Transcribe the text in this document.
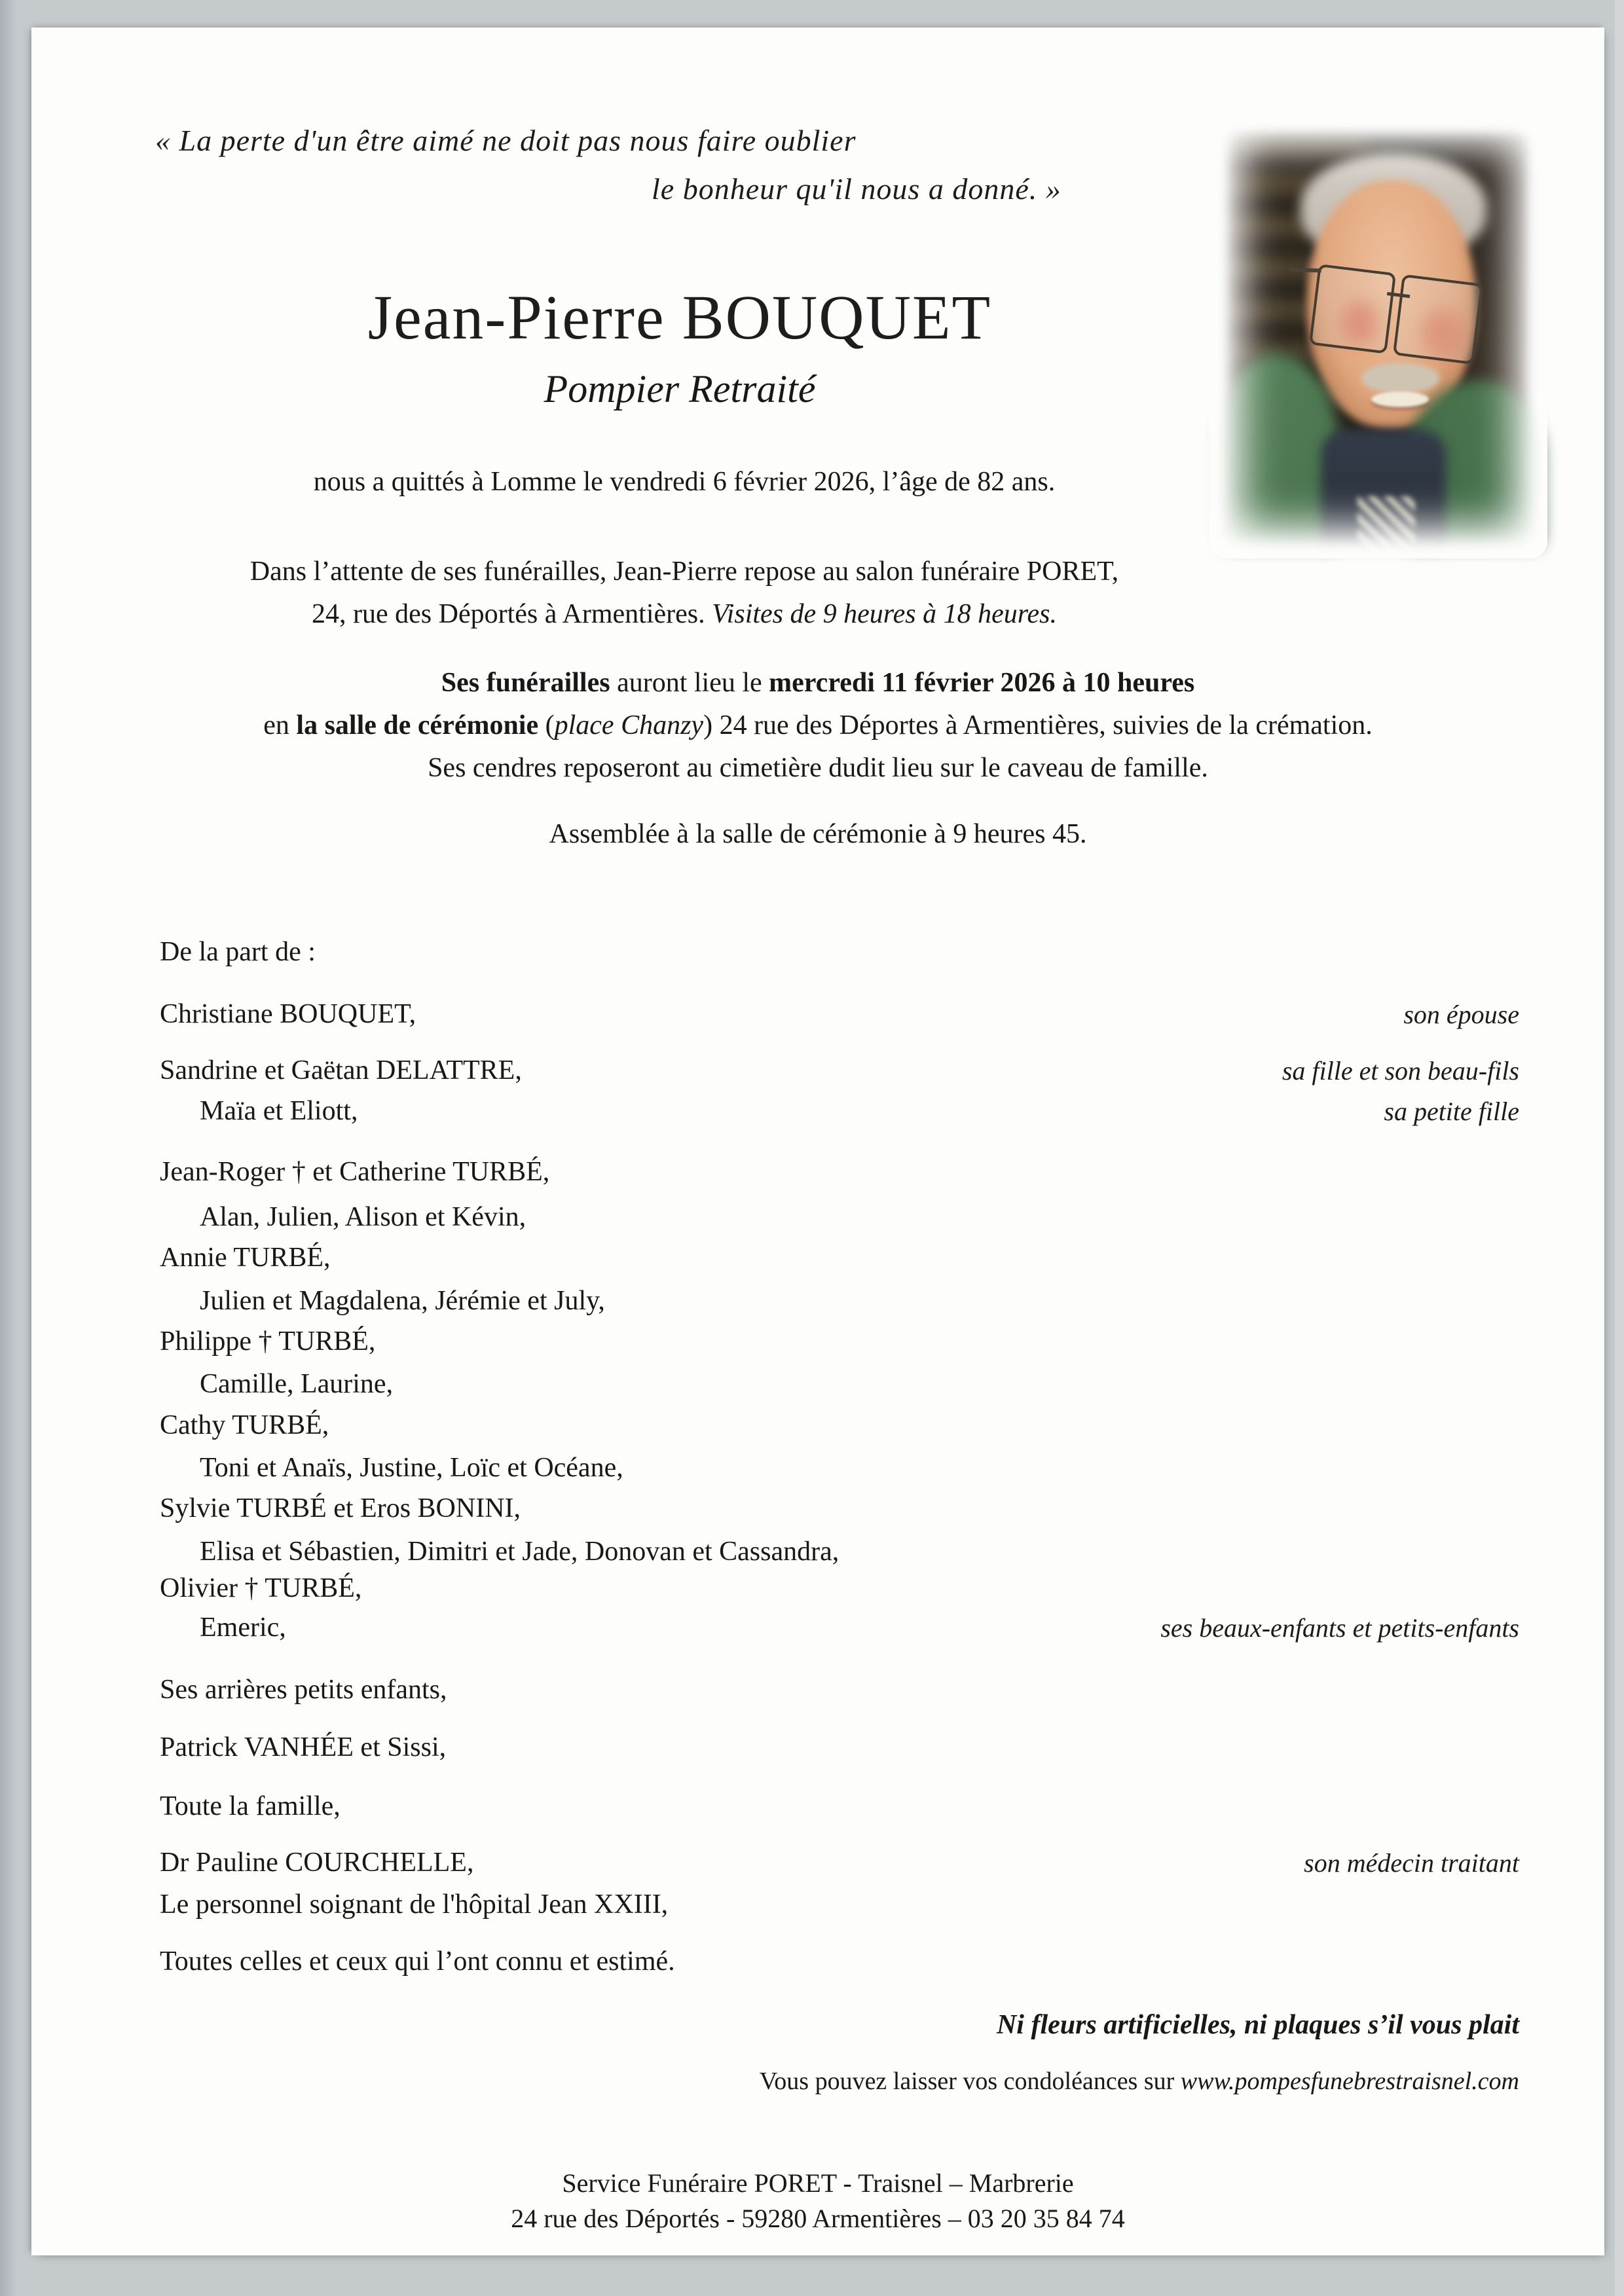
« La perte d'un être aimé ne doit pas nous faire oublier
le bonheur qu'il nous a donné. »
Jean-Pierre BOUQUET
Pompier Retraité
nous a quittés à Lomme le vendredi 6 février 2026, l’âge de 82 ans.
Dans l’attente de ses funérailles, Jean-Pierre repose au salon funéraire PORET,
24, rue des Déportés à Armentières. Visites de 9 heures à 18 heures.
Ses funérailles auront lieu le mercredi 11 février 2026 à 10 heures
en la salle de cérémonie (place Chanzy) 24 rue des Déportes à Armentières, suivies de la crémation.
Ses cendres reposeront au cimetière dudit lieu sur le caveau de famille.
Assemblée à la salle de cérémonie à 9 heures 45.
De la part de :
Christiane BOUQUET,	son épouse
Sandrine et Gaëtan DELATTRE,	sa fille et son beau-fils
Maïa et Eliott,	sa petite fille
Jean-Roger † et Catherine TURBÉ,
Alan, Julien, Alison et Kévin,
Annie TURBÉ,
Julien et Magdalena, Jérémie et July,
Philippe † TURBÉ,
Camille, Laurine,
Cathy TURBÉ,
Toni et Anaïs, Justine, Loïc et Océane,
Sylvie TURBÉ et Eros BONINI,
Elisa et Sébastien, Dimitri et Jade, Donovan et Cassandra,
Olivier † TURBÉ,
Emeric,	ses beaux-enfants et petits-enfants
Ses arrières petits enfants,
Patrick VANHÉE et Sissi,
Toute la famille,
Dr Pauline COURCHELLE,	son médecin traitant
Le personnel soignant de l'hôpital Jean XXIII,
Toutes celles et ceux qui l’ont connu et estimé.
Ni fleurs artificielles, ni plaques s’il vous plait
Vous pouvez laisser vos condoléances sur www.pompesfunebrestraisnel.com
Service Funéraire PORET - Traisnel – Marbrerie
24 rue des Déportés - 59280 Armentières – 03 20 35 84 74
